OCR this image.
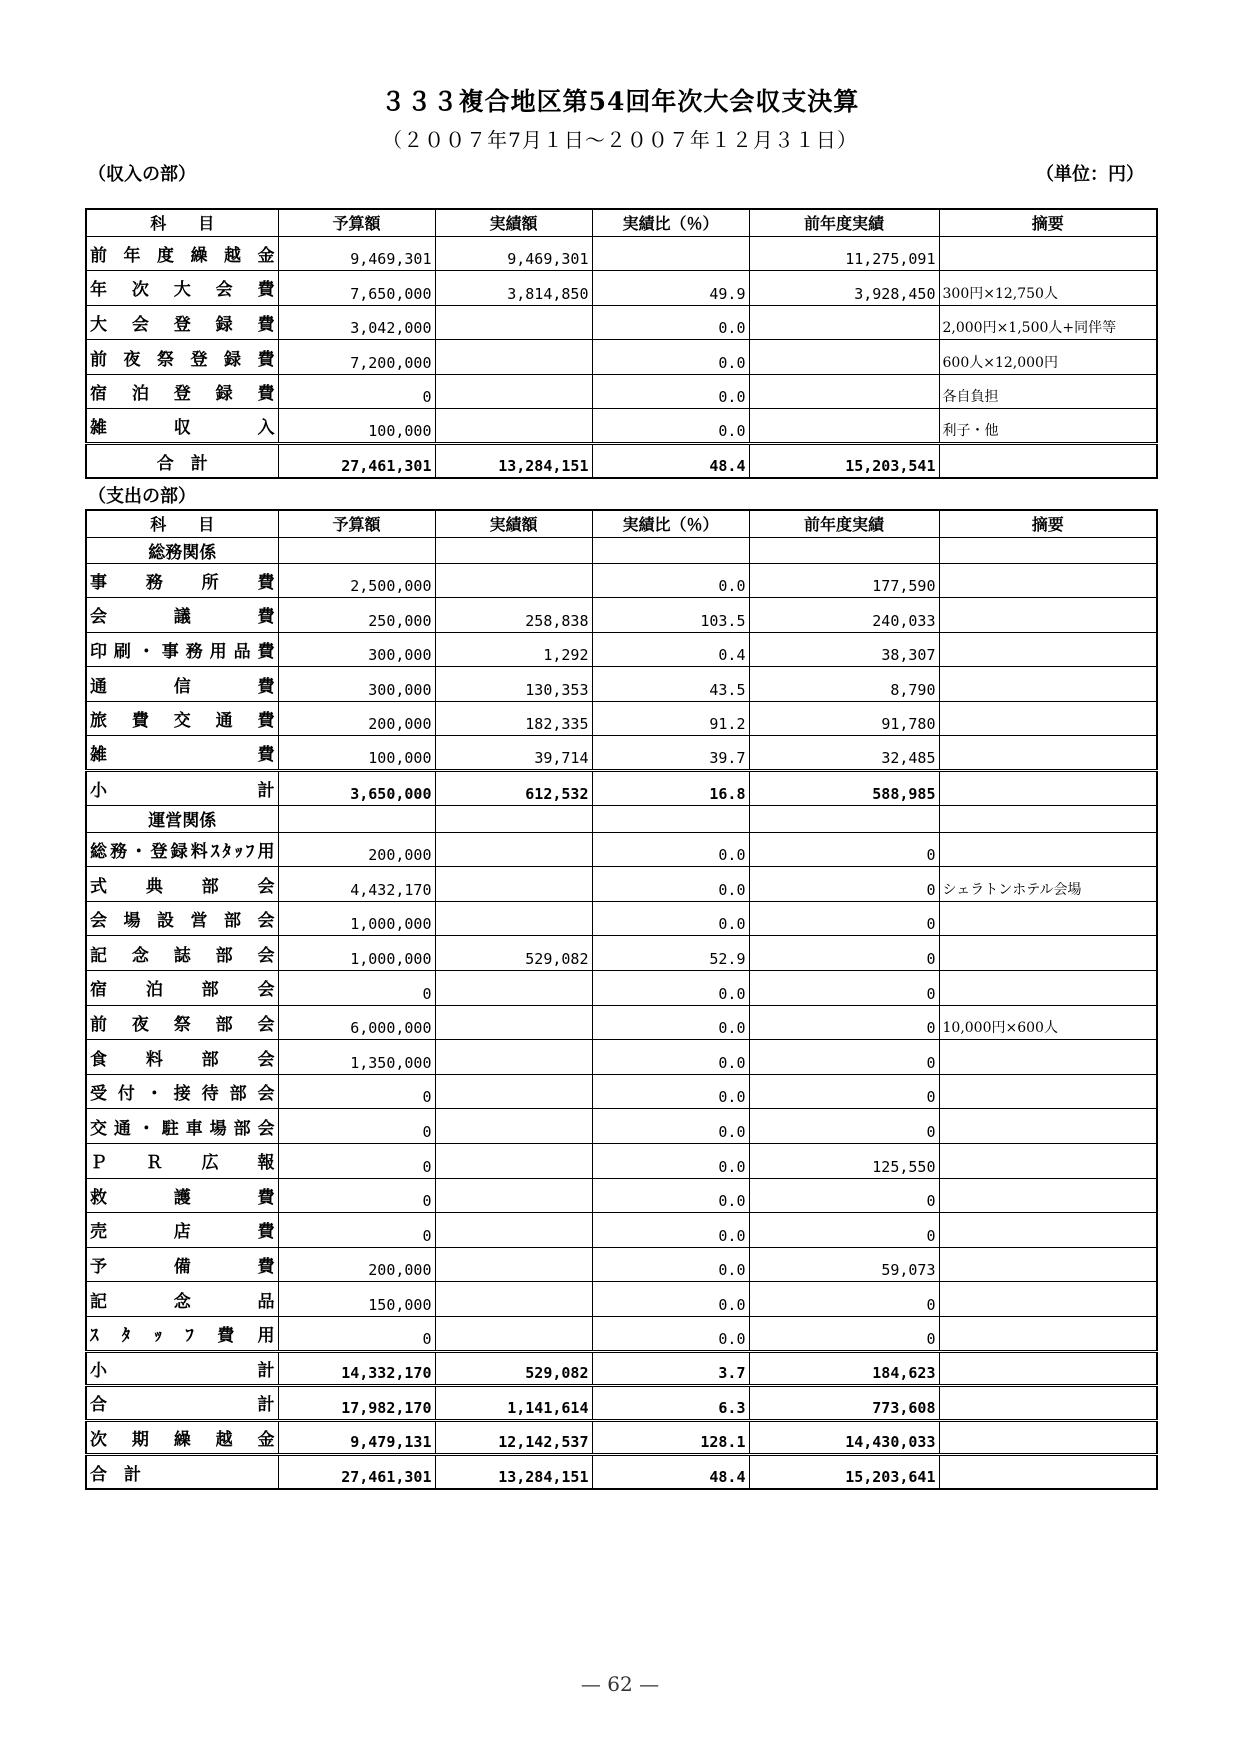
３３３複合地区第54回年次大会収支決算
（２００７年7月１日～２００７年１２月３１日）
（収入の部）	（単位：円）
科　　目	予算額	実績額	実績比（％）	前年度実績	摘要
前年度繰越金	9,469,301	9,469,301		11,275,091	
年次大会費	7,650,000	3,814,850	49.9	3,928,450	300円×12,750人
大会登録費	3,042,000		0.0		2,000円×1,500人+同伴等
前夜祭登録費	7,200,000		0.0		600人×12,000円
宿泊登録費	0		0.0		各自負担
雑収入	100,000		0.0		利子・他
合　計	27,461,301	13,284,151	48.4	15,203,541	
（支出の部）
科　　目	予算額	実績額	実績比（％）	前年度実績	摘要
総務関係					
事務所費	2,500,000		0.0	177,590	
会議費	250,000	258,838	103.5	240,033	
印刷・事務用品費	300,000	1,292	0.4	38,307	
通信費	300,000	130,353	43.5	8,790	
旅費交通費	200,000	182,335	91.2	91,780	
雑費	100,000	39,714	39.7	32,485	
小計	3,650,000	612,532	16.8	588,985	
運営関係					
総務・登録料ｽﾀｯﾌ用	200,000		0.0	0	
式典部会	4,432,170		0.0	0	シェラトンホテル会場
会場設営部会	1,000,000		0.0	0	
記念誌部会	1,000,000	529,082	52.9	0	
宿泊部会	0		0.0	0	
前夜祭部会	6,000,000		0.0	0	10,000円×600人
食料部会	1,350,000		0.0	0	
受付・接待部会	0		0.0	0	
交通・駐車場部会	0		0.0	0	
ＰＲ広報	0		0.0	125,550	
救護費	0		0.0	0	
売店費	0		0.0	0	
予備費	200,000		0.0	59,073	
記念品	150,000		0.0	0	
ｽﾀｯﾌ費用	0		0.0	0	
小計	14,332,170	529,082	3.7	184,623	
合計	17,982,170	1,141,614	6.3	773,608	
次期繰越金	9,479,131	12,142,537	128.1	14,430,033	
合　計	27,461,301	13,284,151	48.4	15,203,641	
— 62 —
